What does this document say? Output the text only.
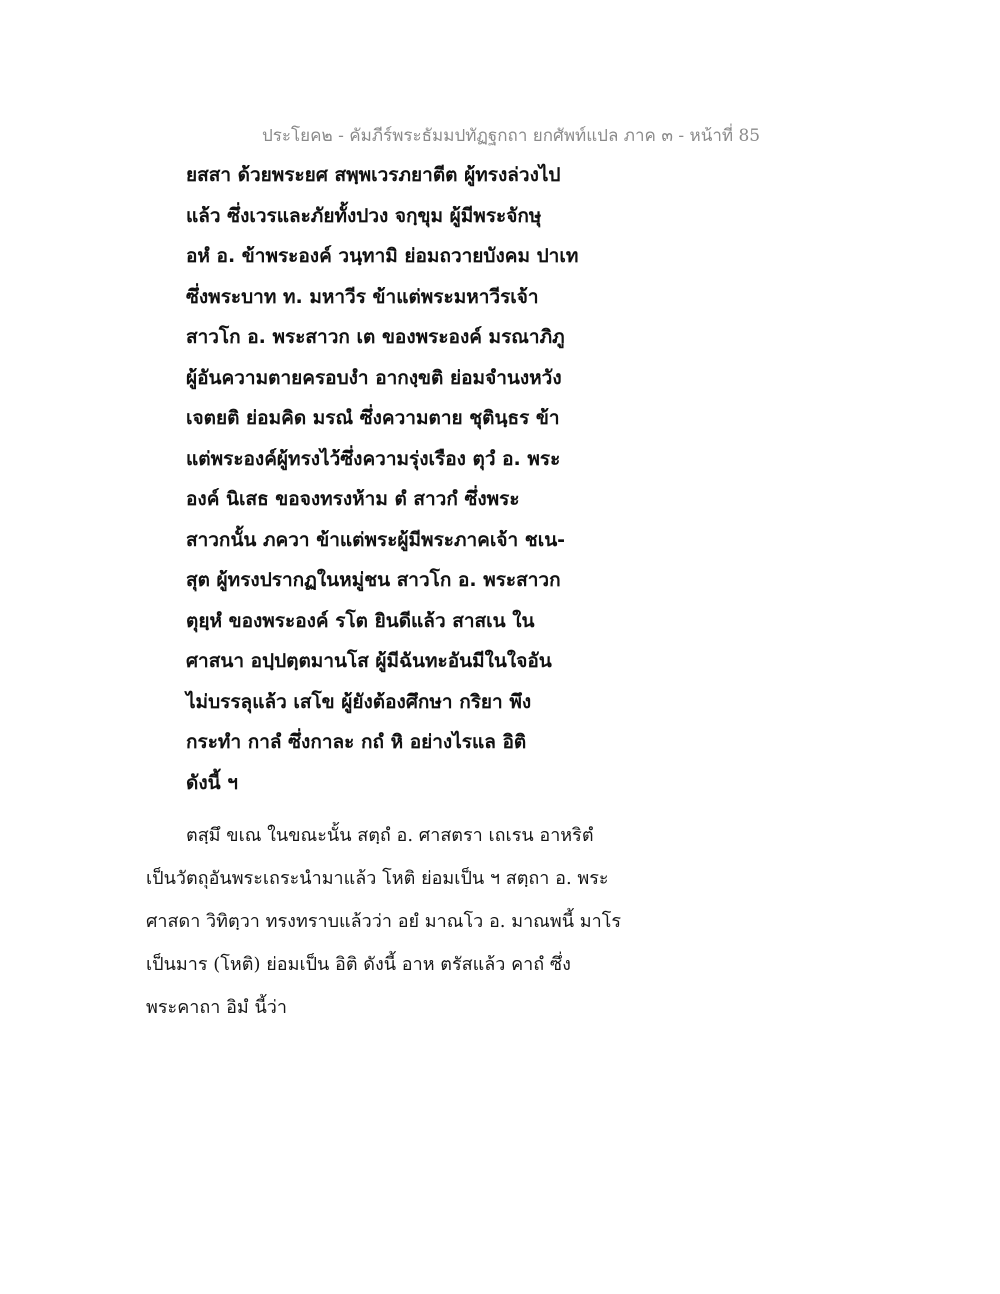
ประโยค๒ - คัมภีร์พระธัมมปทัฏฐกถา ยกศัพท์แปล ภาค ๓ - หน้าที่ 85
ยสสา ด้วยพระยศ สพฺพเวรภยาตีต ผู้ทรงล่วงไป
แล้ว ซึ่งเวรและภัยทั้งปวง จกฺขุม ผู้มีพระจักษุ
อหํ อ. ข้าพระองค์ วนฺทามิ ย่อมถวายบังคม ปาเท
ซึ่งพระบาท ท. มหาวีร ข้าแต่พระมหาวีรเจ้า
สาวโก อ. พระสาวก เต ของพระองค์ มรณาภิภู
ผู้อันความตายครอบงำ อากงฺขติ ย่อมจำนงหวัง
เจตยติ ย่อมคิด มรณํ ซึ่งความตาย ชุตินฺธร ข้า
แต่พระองค์ผู้ทรงไว้ซึ่งความรุ่งเรือง ตุวํ อ. พระ
องค์ นิเสธ ขอจงทรงห้าม ตํ สาวกํ ซึ่งพระ
สาวกนั้น ภควา ข้าแต่พระผู้มีพระภาคเจ้า ชเน-
สุต ผู้ทรงปรากฏในหมู่ชน สาวโก อ. พระสาวก
ตุยฺหํ ของพระองค์ รโต ยินดีแล้ว สาสเน ใน
ศาสนา อปฺปตฺตมานโส ผู้มีฉันทะอันมีในใจอัน
ไม่บรรลุแล้ว เสโข ผู้ยังต้องศึกษา กริยา พึง
กระทำ กาลํ ซึ่งกาละ กถํ หิ อย่างไรแล อิติ
ดังนี้ ฯ
ตสฺมึ ขเณ ในขณะนั้น สตฺถํ อ. ศาสตรา เถเรน อาหริตํ
เป็นวัตถุอันพระเถระนำมาแล้ว โหติ ย่อมเป็น ฯ สตฺถา อ. พระ
ศาสดา วิทิตฺวา ทรงทราบแล้วว่า อยํ มาณโว อ. มาณพนี้ มาโร
เป็นมาร (โหติ) ย่อมเป็น อิติ ดังนี้ อาห ตรัสแล้ว คาถํ ซึ่ง
พระคาถา อิมํ นี้ว่า
